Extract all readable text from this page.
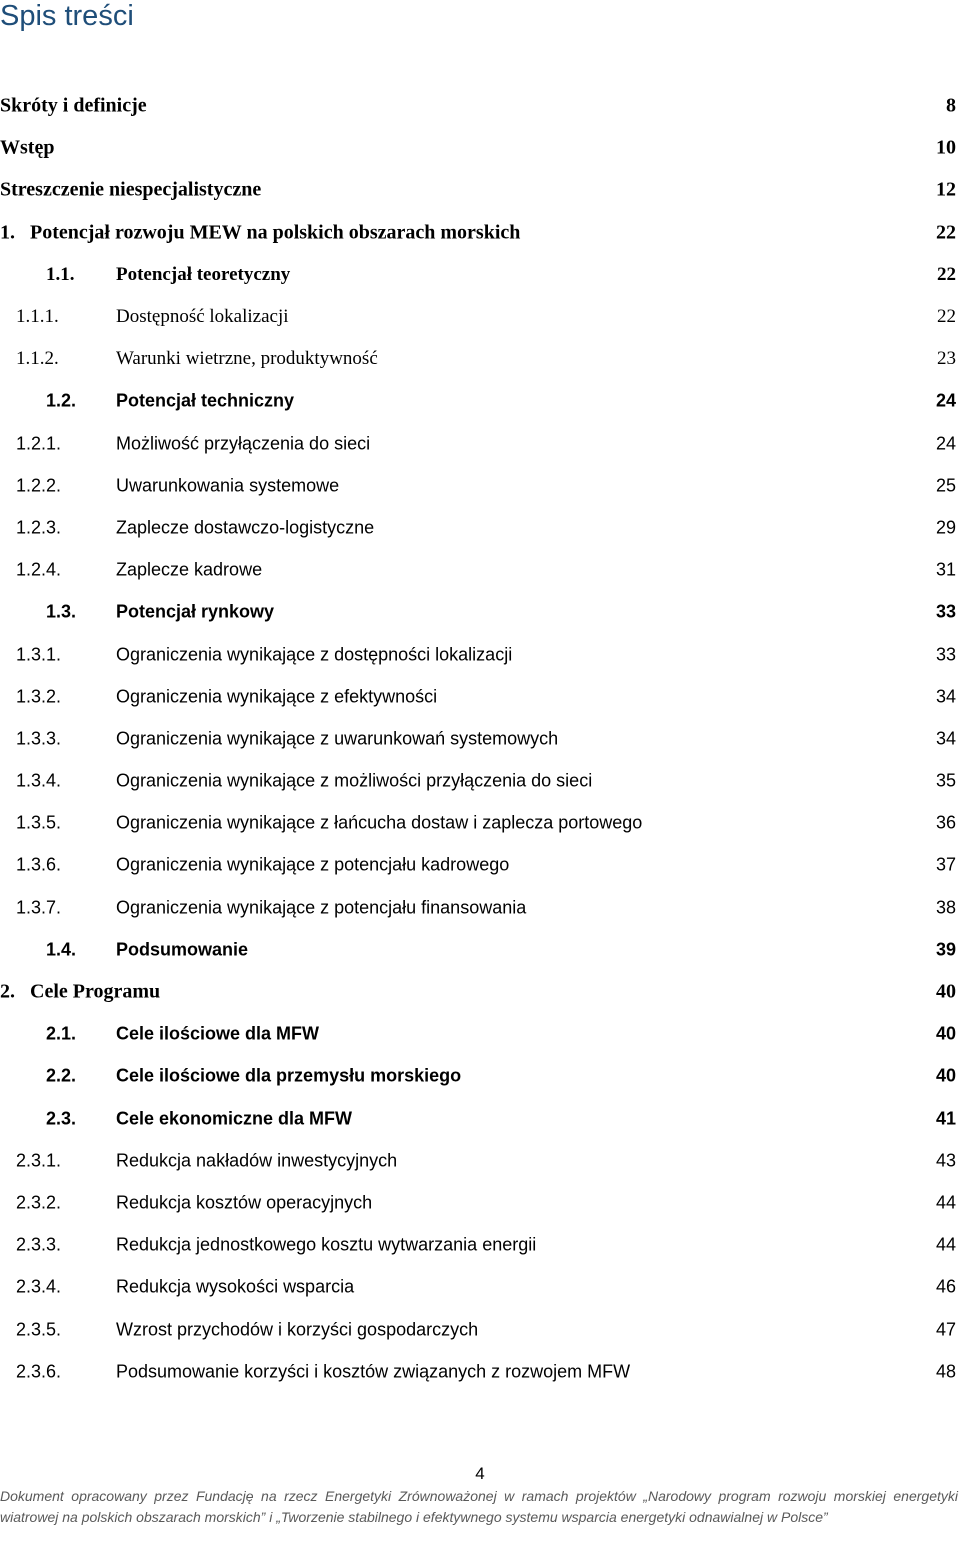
Spis treści
Skróty i definicje	8
Wstęp	10
Streszczenie niespecjalistyczne	12
1. Potencjał rozwoju MEW na polskich obszarach morskich	22
1.1. Potencjał teoretyczny	22
1.1.1.	Dostępność lokalizacji	22
1.1.2.	Warunki wietrzne, produktywność	23
1.2. Potencjał techniczny	24
1.2.1.	Możliwość przyłączenia do sieci	24
1.2.2.	Uwarunkowania systemowe	25
1.2.3.	Zaplecze dostawczo-logistyczne	29
1.2.4.	Zaplecze kadrowe	31
1.3. Potencjał rynkowy	33
1.3.1.	Ograniczenia wynikające z dostępności lokalizacji	33
1.3.2.	Ograniczenia wynikające z efektywności	34
1.3.3.	Ograniczenia wynikające z uwarunkowań systemowych	34
1.3.4.	Ograniczenia wynikające z możliwości przyłączenia do sieci	35
1.3.5.	Ograniczenia wynikające z łańcucha dostaw i zaplecza portowego	36
1.3.6.	Ograniczenia wynikające z potencjału kadrowego	37
1.3.7.	Ograniczenia wynikające z potencjału finansowania	38
1.4. Podsumowanie	39
2. Cele Programu	40
2.1. Cele ilościowe dla MFW	40
2.2. Cele ilościowe dla przemysłu morskiego	40
2.3. Cele ekonomiczne dla MFW	41
2.3.1.	Redukcja nakładów inwestycyjnych	43
2.3.2.	Redukcja kosztów operacyjnych	44
2.3.3.	Redukcja jednostkowego kosztu wytwarzania energii	44
2.3.4.	Redukcja wysokości wsparcia	46
2.3.5.	Wzrost przychodów i korzyści gospodarczych	47
2.3.6.	Podsumowanie korzyści i kosztów związanych z rozwojem MFW	48
4
Dokument opracowany przez Fundację na rzecz Energetyki Zrównoważonej w ramach projektów „Narodowy program rozwoju morskiej energetyki wiatrowej na polskich obszarach morskich” i „Tworzenie stabilnego i efektywnego systemu wsparcia energetyki odnawialnej w Polsce”
